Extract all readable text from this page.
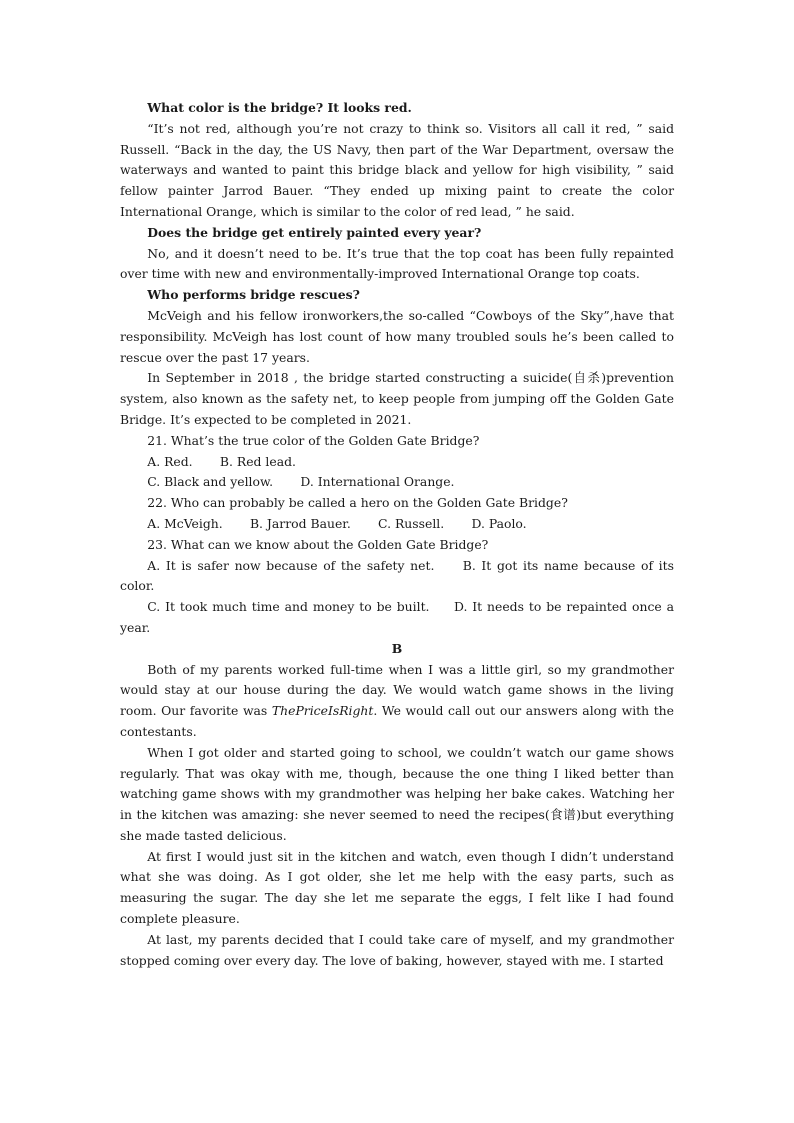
What color is the bridge? It looks red.

“It’s not red, although you’re not crazy to think so. Visitors all call it red, ” said Russell. “Back in the day, the US Navy, then part of the War Department, oversaw the waterways and wanted to paint this bridge black and yellow for high visibility, ” said fellow painter Jarrod Bauer. “They ended up mixing paint to create the color International Orange, which is similar to the color of red lead, ” he said.

Does the bridge get entirely painted every year?

No, and it doesn’t need to be. It’s true that the top coat has been fully repainted over time with new and environmentally-improved International Orange top coats.

Who performs bridge rescues?

McVeigh and his fellow ironworkers,the so-called “Cowboys of the Sky”,have that responsibility. McVeigh has lost count of how many troubled souls he’s been called to rescue over the past 17 years.

In September in 2018 , the bridge started constructing a suicide(自杀)prevention system, also known as the safety net, to keep people from jumping off the Golden Gate Bridge. It’s expected to be completed in 2021.

21. What’s the true color of the Golden Gate Bridge?

A. Red. B. Red lead.

C. Black and yellow. D. International Orange.

22. Who can probably be called a hero on the Golden Gate Bridge?

A. McVeigh. B. Jarrod Bauer. C. Russell. D. Paolo.

23. What can we know about the Golden Gate Bridge?

A. It is safer now because of the safety net.     B. It got its name because of its color.

C. It took much time and money to be built.     D. It needs to be repainted once a year.

B

Both of my parents worked full-time when I was a little girl, so my grandmother would stay at our house during the day. We would watch game shows in the living room. Our favorite was ThePriceIsRight. We would call out our answers along with the contestants.

When I got older and started going to school, we couldn’t watch our game shows regularly. That was okay with me, though, because the one thing I liked better than watching game shows with my grandmother was helping her bake cakes. Watching her in the kitchen was amazing: she never seemed to need the recipes(食谱)but everything she made tasted delicious.

At first I would just sit in the kitchen and watch, even though I didn’t understand what she was doing. As I got older, she let me help with the easy parts, such as measuring the sugar. The day she let me separate the eggs, I felt like I had found complete pleasure.

At last, my parents decided that I could take care of myself, and my grandmother stopped coming over every day. The love of baking, however, stayed with me. I started
